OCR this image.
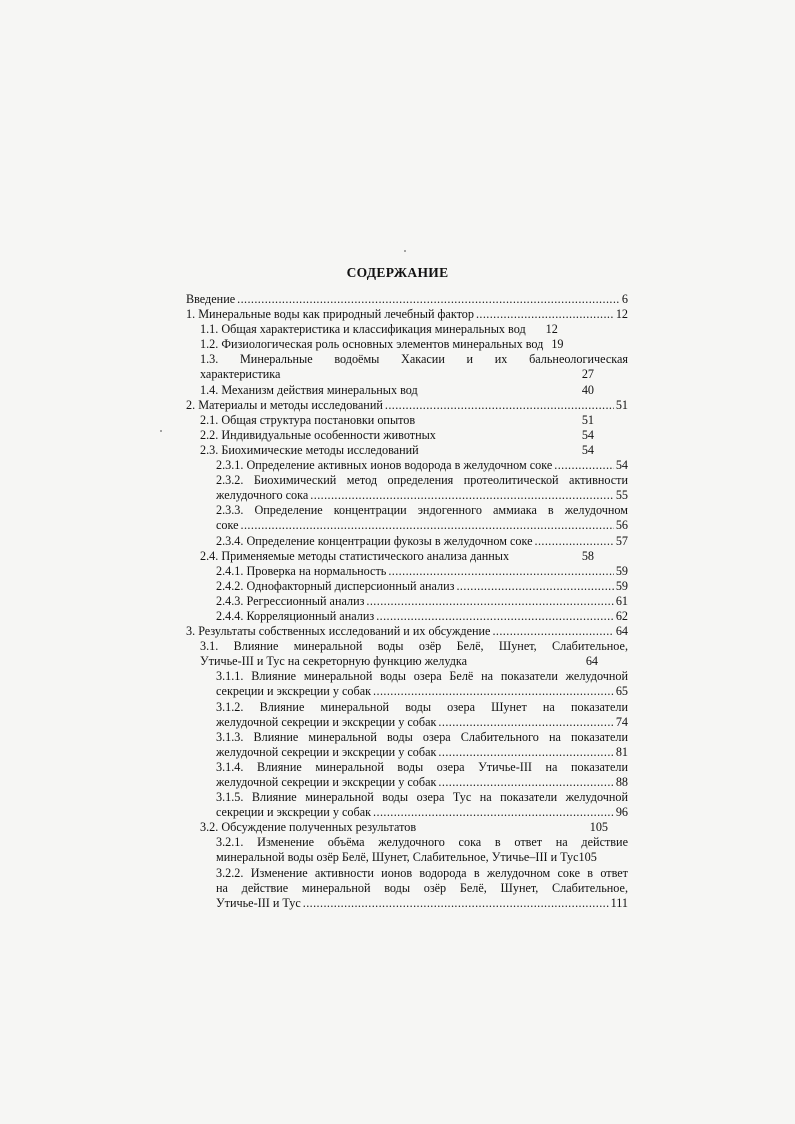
СОДЕРЖАНИЕ
Введение .....	6
1. Минеральные воды как природный лечебный фактор .....	12
1.1. Общая характеристика и классификация минеральных вод 12
1.2. Физиологическая роль основных элементов минеральных вод 19
1.3. Минеральные водоёмы Хакасии и их бальнеологическая
характеристика	27
1.4. Механизм действия минеральных вод	40
2. Материалы и методы исследований .....	51
2.1. Общая структура постановки опытов	51
2.2. Индивидуальные особенности животных	54
2.3. Биохимические методы исследований	54
2.3.1. Определение активных ионов водорода в желудочном соке .....	54
2.3.2. Биохимический метод определения протеолитической активности
желудочного сока .....	55
2.3.3. Определение концентрации эндогенного аммиака в желудочном
соке .....	56
2.3.4. Определение концентрации фукозы в желудочном соке .....	57
2.4. Применяемые методы статистического анализа данных	58
2.4.1. Проверка на нормальность .....	59
2.4.2. Однофакторный дисперсионный анализ .....	59
2.4.3. Регрессионный анализ .....	61
2.4.4. Корреляционный анализ .....	62
3. Результаты собственных исследований и их обсуждение .....	64
3.1. Влияние минеральной воды озёр Белё, Шунет, Слабительное,
Утичье-III и Тус на секреторную функцию желудка	64
3.1.1. Влияние минеральной воды озера Белё на показатели желудочной
секреции и экскреции у собак .....	65
3.1.2. Влияние минеральной воды озера Шунет на показатели
желудочной секреции и экскреции у собак .....	74
3.1.3. Влияние минеральной воды озера Слабительного на показатели
желудочной секреции и экскреции у собак .....	81
3.1.4. Влияние минеральной воды озера Утичье-III на показатели
желудочной секреции и экскреции у собак .....	88
3.1.5. Влияние минеральной воды озера Тус на показатели желудочной
секреции и экскреции у собак .....	96
3.2. Обсуждение полученных результатов	105
3.2.1. Изменение объёма желудочного сока в ответ на действие
минеральной воды озёр Белё, Шунет, Слабительное, Утичье–III и Тус 105
3.2.2. Изменение активности ионов водорода в желудочном соке в ответ
на действие минеральной воды озёр Белё, Шунет, Слабительное,
Утичье-III и Тус .....	111
